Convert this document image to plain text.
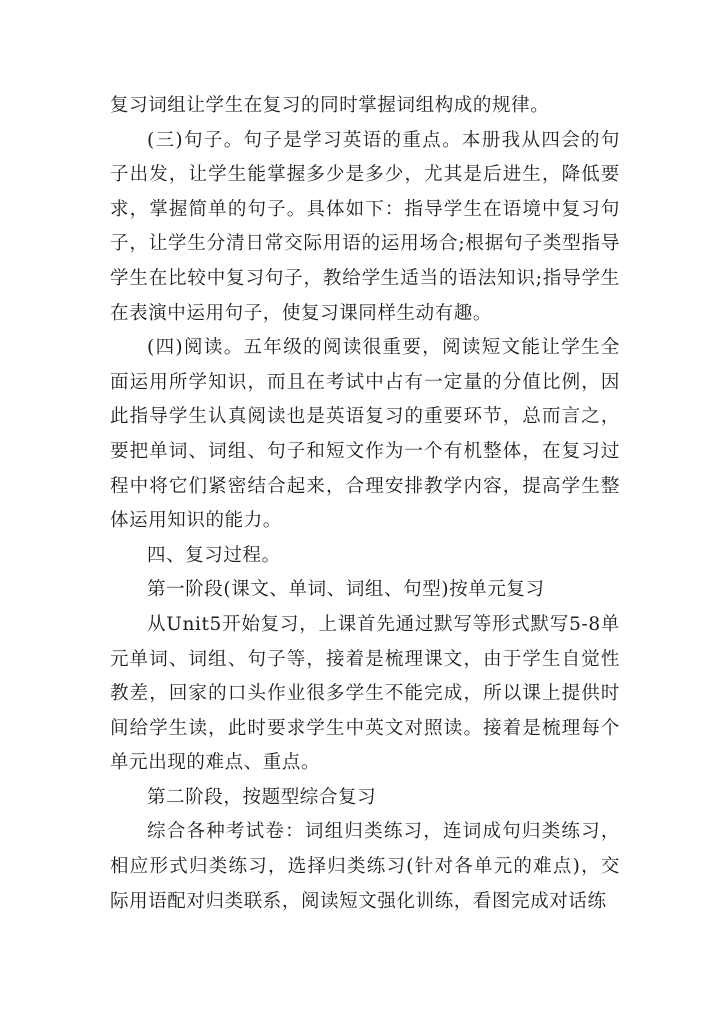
复习词组让学生在复习的同时掌握词组构成的规律。

(三)句子。句子是学习英语的重点。本册我从四会的句子出发，让学生能掌握多少是多少，尤其是后进生，降低要求，掌握简单的句子。具体如下：指导学生在语境中复习句子，让学生分清日常交际用语的运用场合;根据句子类型指导学生在比较中复习句子，教给学生适当的语法知识;指导学生在表演中运用句子，使复习课同样生动有趣。

(四)阅读。五年级的阅读很重要，阅读短文能让学生全面运用所学知识，而且在考试中占有一定量的分值比例，因此指导学生认真阅读也是英语复习的重要环节，总而言之，要把单词、词组、句子和短文作为一个有机整体，在复习过程中将它们紧密结合起来，合理安排教学内容，提高学生整体运用知识的能力。

四、复习过程。

第一阶段(课文、单词、词组、句型)按单元复习

从Unit5开始复习，上课首先通过默写等形式默写5-8单元单词、词组、句子等，接着是梳理课文，由于学生自觉性教差，回家的口头作业很多学生不能完成，所以课上提供时间给学生读，此时要求学生中英文对照读。接着是梳理每个单元出现的难点、重点。

第二阶段，按题型综合复习

综合各种考试卷：词组归类练习，连词成句归类练习，相应形式归类练习，选择归类练习(针对各单元的难点)，交际用语配对归类联系，阅读短文强化训练，看图完成对话练
